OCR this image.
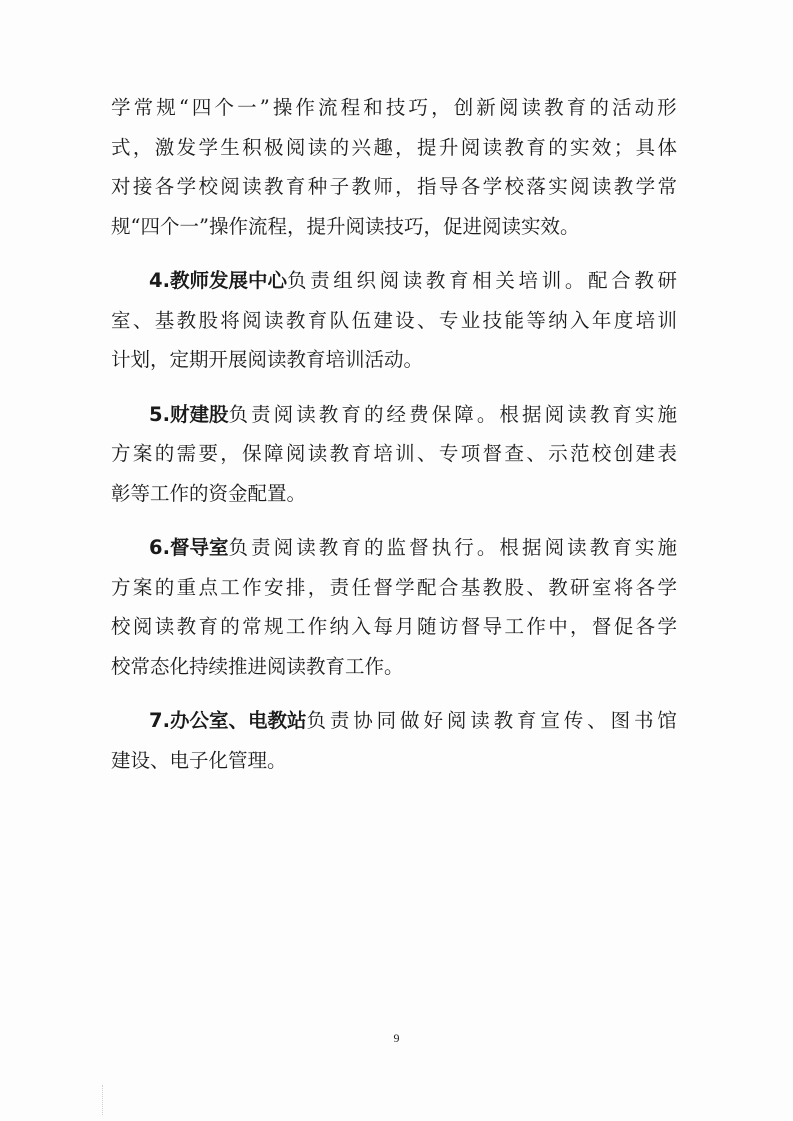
学 常 规 “ 四 个 一 ” 操 作 流 程 和 技 巧 ， 创 新 阅 读 教 育 的 活 动 形
式 ， 激 发 学 生 积 极 阅 读 的 兴 趣 ， 提 升 阅 读 教 育 的 实 效 ； 具 体
对 接 各 学 校 阅 读 教 育 种 子 教 师 ， 指 导 各 学 校 落 实 阅 读 教 学 常
规“四个一”操作流程，提升阅读技巧，促进阅读实效。
4.教师发展中心 负 责 组 织 阅 读 教 育 相 关 培 训 。 配 合 教 研
室 、 基 教 股 将 阅 读 教 育 队 伍 建 设 、 专 业 技 能 等 纳 入 年 度 培 训
计划，定期开展阅读教育培训活动。
5.财建股 负 责 阅 读 教 育 的 经 费 保 障 。 根 据 阅 读 教 育 实 施
方 案 的 需 要 ， 保 障 阅 读 教 育 培 训 、 专 项 督 查 、 示 范 校 创 建 表
彰等工作的资金配置。
6.督导室 负 责 阅 读 教 育 的 监 督 执 行 。 根 据 阅 读 教 育 实 施
方 案 的 重 点 工 作 安 排 ， 责 任 督 学 配 合 基 教 股 、 教 研 室 将 各 学
校 阅 读 教 育 的 常 规 工 作 纳 入 每 月 随 访 督 导 工 作 中 ， 督 促 各 学
校常态化持续推进阅读教育工作。
7.办公室、电教站 负 责 协 同 做 好 阅 读 教 育 宣 传 、 图 书 馆
建设、电子化管理。
9
